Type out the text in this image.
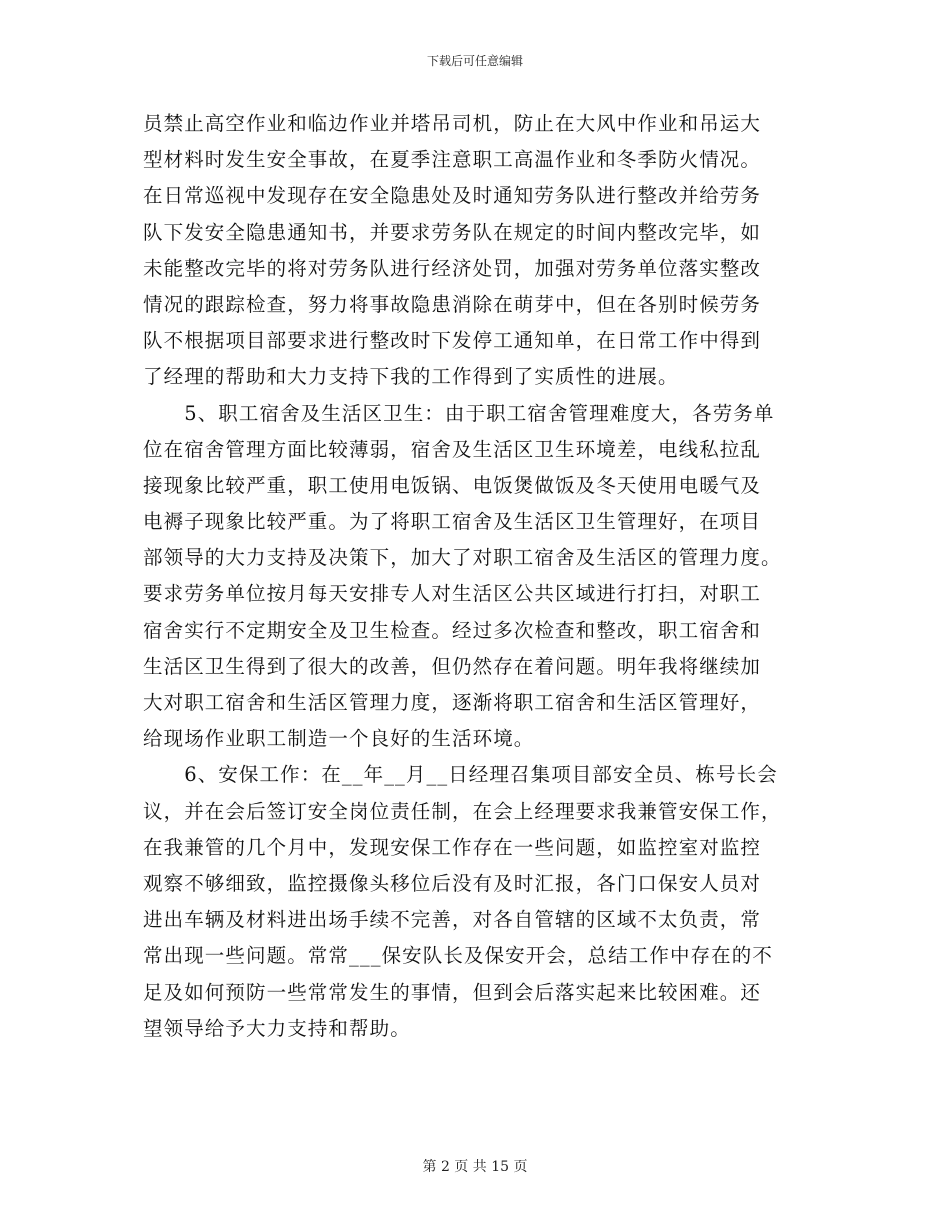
下载后可任意编辑
员禁止高空作业和临边作业并塔吊司机，防止在大风中作业和吊运大
型材料时发生安全事故，在夏季注意职工高温作业和冬季防火情况。
在日常巡视中发现存在安全隐患处及时通知劳务队进行整改并给劳务
队下发安全隐患通知书，并要求劳务队在规定的时间内整改完毕，如
未能整改完毕的将对劳务队进行经济处罚，加强对劳务单位落实整改
情况的跟踪检查，努力将事故隐患消除在萌芽中，但在各别时候劳务
队不根据项目部要求进行整改时下发停工通知单，在日常工作中得到
了经理的帮助和大力支持下我的工作得到了实质性的进展。
　　5、职工宿舍及生活区卫生：由于职工宿舍管理难度大，各劳务单
位在宿舍管理方面比较薄弱，宿舍及生活区卫生环境差，电线私拉乱
接现象比较严重，职工使用电饭锅、电饭煲做饭及冬天使用电暖气及
电褥子现象比较严重。为了将职工宿舍及生活区卫生管理好，在项目
部领导的大力支持及决策下，加大了对职工宿舍及生活区的管理力度。
要求劳务单位按月每天安排专人对生活区公共区域进行打扫，对职工
宿舍实行不定期安全及卫生检查。经过多次检查和整改，职工宿舍和
生活区卫生得到了很大的改善，但仍然存在着问题。明年我将继续加
大对职工宿舍和生活区管理力度，逐渐将职工宿舍和生活区管理好，
给现场作业职工制造一个良好的生活环境。
　　6、安保工作：在__年__月__日经理召集项目部安全员、栋号长会
议，并在会后签订安全岗位责任制，在会上经理要求我兼管安保工作，
在我兼管的几个月中，发现安保工作存在一些问题，如监控室对监控
观察不够细致，监控摄像头移位后没有及时汇报，各门口保安人员对
进出车辆及材料进出场手续不完善，对各自管辖的区域不太负责，常
常出现一些问题。常常___保安队长及保安开会，总结工作中存在的不
足及如何预防一些常常发生的事情，但到会后落实起来比较困难。还
望领导给予大力支持和帮助。
第 2 页 共 15 页
